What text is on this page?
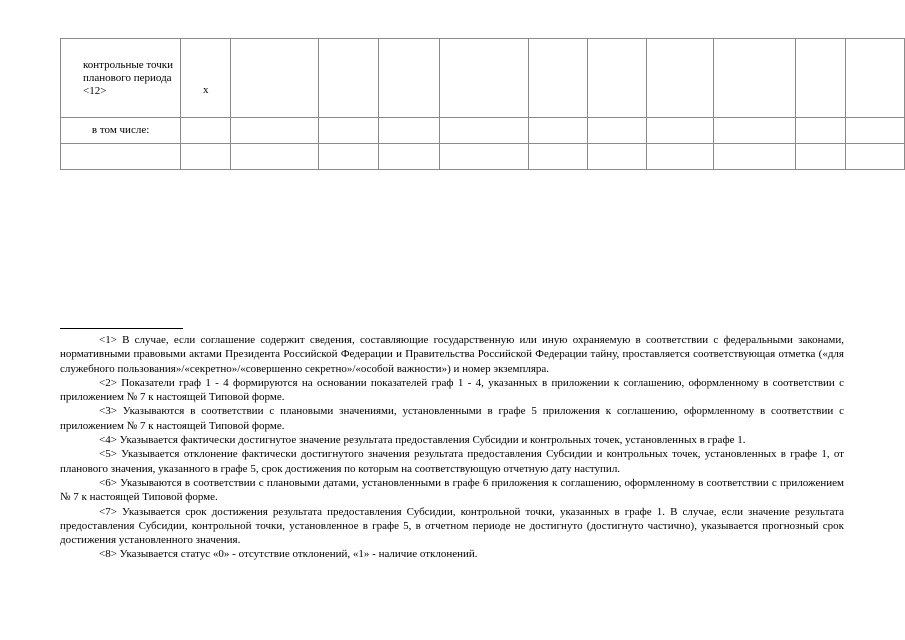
контрольные точки планового периода <12>	x										
в том числе:											

<1> В случае, если соглашение содержит сведения, составляющие государственную или иную охраняемую в соответствии с федеральными законами, нормативными правовыми актами Президента Российской Федерации и Правительства Российской Федерации тайну, проставляется соответствующая отметка («для служебного пользования»/«секретно»/«совершенно секретно»/«особой важности») и номер экземпляра.

<2> Показатели граф 1 - 4 формируются на основании показателей граф 1 - 4, указанных в приложении к соглашению, оформленному в соответствии с приложением № 7 к настоящей Типовой форме.

<3> Указываются в соответствии с плановыми значениями, установленными в графе 5 приложения к соглашению, оформленному в соответствии с приложением № 7 к настоящей Типовой форме.

<4> Указывается фактически достигнутое значение результата предоставления Субсидии и контрольных точек, установленных в графе 1.

<5> Указывается отклонение фактически достигнутого значения результата предоставления Субсидии и контрольных точек, установленных в графе 1, от планового значения, указанного в графе 5, срок достижения по которым на соответствующую отчетную дату наступил.

<6> Указываются в соответствии с плановыми датами, установленными в графе 6 приложения к соглашению, оформленному в соответствии с приложением № 7 к настоящей Типовой форме.

<7> Указывается срок достижения результата предоставления Субсидии, контрольной точки, указанных в графе 1. В случае, если значение результата предоставления Субсидии, контрольной точки, установленное в графе 5, в отчетном периоде не достигнуто (достигнуто частично), указывается прогнозный срок достижения установленного значения.

<8> Указывается статус «0» - отсутствие отклонений, «1» - наличие отклонений.
